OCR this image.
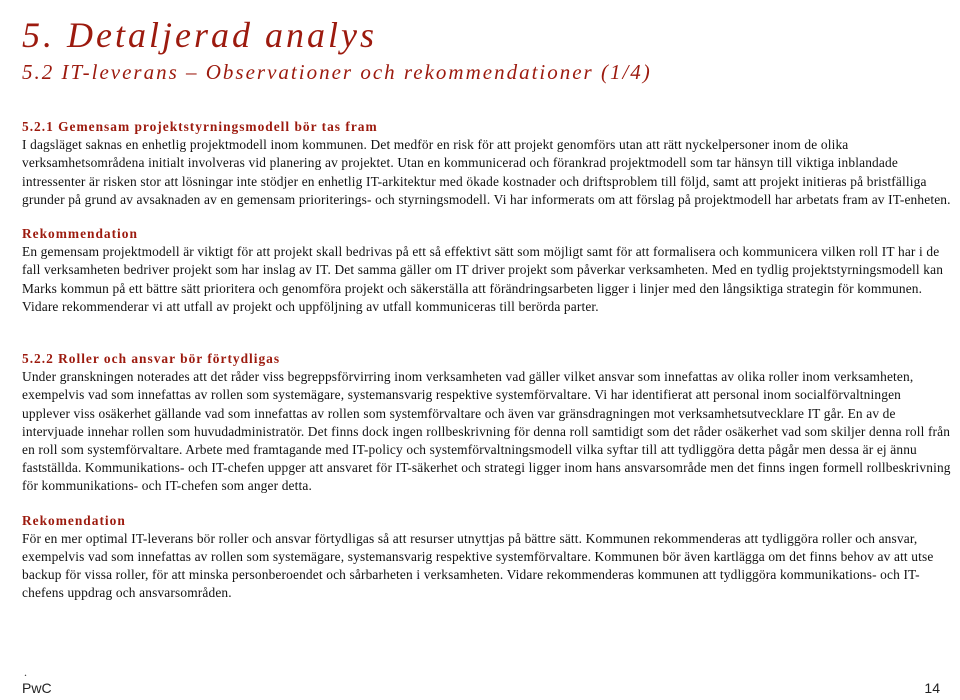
5. Detaljerad analys
5.2 IT-leverans – Observationer och rekommendationer (1/4)

5.2.1 Gemensam projektstyrningsmodell bör tas fram

I dagsläget saknas en enhetlig projektmodell inom kommunen. Det medför en risk för att projekt genomförs utan att rätt nyckelpersoner inom de olika verksamhetsområdena initialt involveras vid planering av projektet. Utan en kommunicerad och förankrad projektmodell som tar hänsyn till viktiga inblandade intressenter är risken stor att lösningar inte stödjer en enhetlig IT-arkitektur med ökade kostnader och driftsproblem till följd, samt att projekt initieras på bristfälliga grunder på grund av avsaknaden av en gemensam prioriterings- och styrningsmodell. Vi har informerats om att förslag på projektmodell har arbetats fram av IT-enheten.

Rekommendation

En gemensam projektmodell är viktigt för att projekt skall bedrivas på ett så effektivt sätt som möjligt samt för att formalisera och kommunicera vilken roll IT har i de fall verksamheten bedriver projekt som har inslag av IT. Det samma gäller om IT driver projekt som påverkar verksamheten. Med en tydlig projektstyrningsmodell kan Marks kommun på ett bättre sätt prioritera och genomföra projekt och säkerställa att förändringsarbeten ligger i linjer med den långsiktiga strategin för kommunen. Vidare rekommenderar vi att utfall av projekt och uppföljning av utfall kommuniceras till berörda parter.

5.2.2 Roller och ansvar bör förtydligas

Under granskningen noterades att det råder viss begreppsförvirring inom verksamheten vad gäller vilket ansvar som innefattas av olika roller inom verksamheten, exempelvis vad som innefattas av rollen som systemägare, systemansvarig respektive systemförvaltare. Vi har identifierat att personal inom socialförvaltningen upplever viss osäkerhet gällande vad som innefattas av rollen som systemförvaltare och även var gränsdragningen mot verksamhetsutvecklare IT går. En av de intervjuade innehar rollen som huvudadministratör. Det finns dock ingen rollbeskrivning för denna roll samtidigt som det råder osäkerhet vad som skiljer denna roll från en roll som systemförvaltare. Arbete med framtagande med IT-policy och systemförvaltningsmodell vilka syftar till att tydliggöra detta pågår men dessa är ej ännu fastställda. Kommunikations- och IT-chefen uppger att ansvaret för IT-säkerhet och strategi ligger inom hans ansvarsområde men det finns ingen formell rollbeskrivning för kommunikations- och IT-chefen som anger detta.

Rekomendation

För en mer optimal IT-leverans bör roller och ansvar förtydligas så att resurser utnyttjas på bättre sätt. Kommunen rekommenderas att tydliggöra roller och ansvar, exempelvis vad som innefattas av rollen som systemägare, systemansvarig respektive systemförvaltare. Kommunen bör även kartlägga om det finns behov av att utse backup för vissa roller, för att minska personberoendet och sårbarheten i verksamheten. Vidare rekommenderas kommunen att tydliggöra kommunikations- och IT-chefens uppdrag och ansvarsområden.

.
PwC	14
